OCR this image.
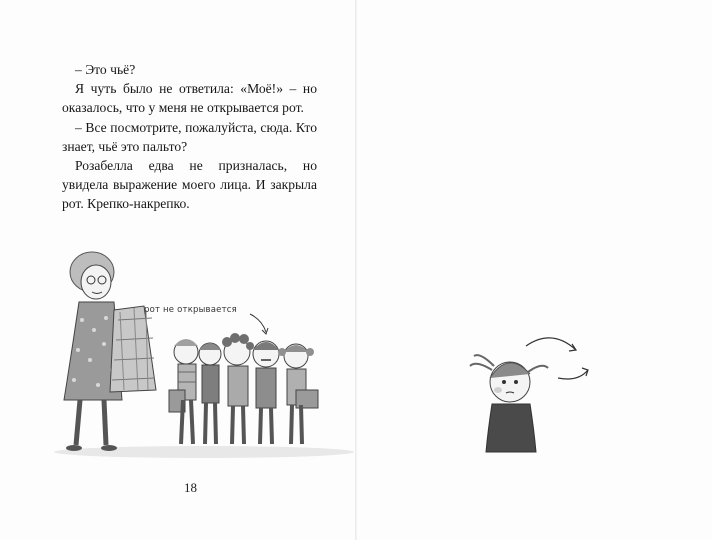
– Это чьё?

Я чуть было не ответила: «Моё!» – но оказалось, что у меня не открывается рот.

– Все посмотрите, пожалуйста, сюда. Кто знает, чьё это пальто?

Розабелла едва не призналась, но увидела выражение моего лица. И закрыла рот. Крепко-накрепко.

рот не открывается
18
